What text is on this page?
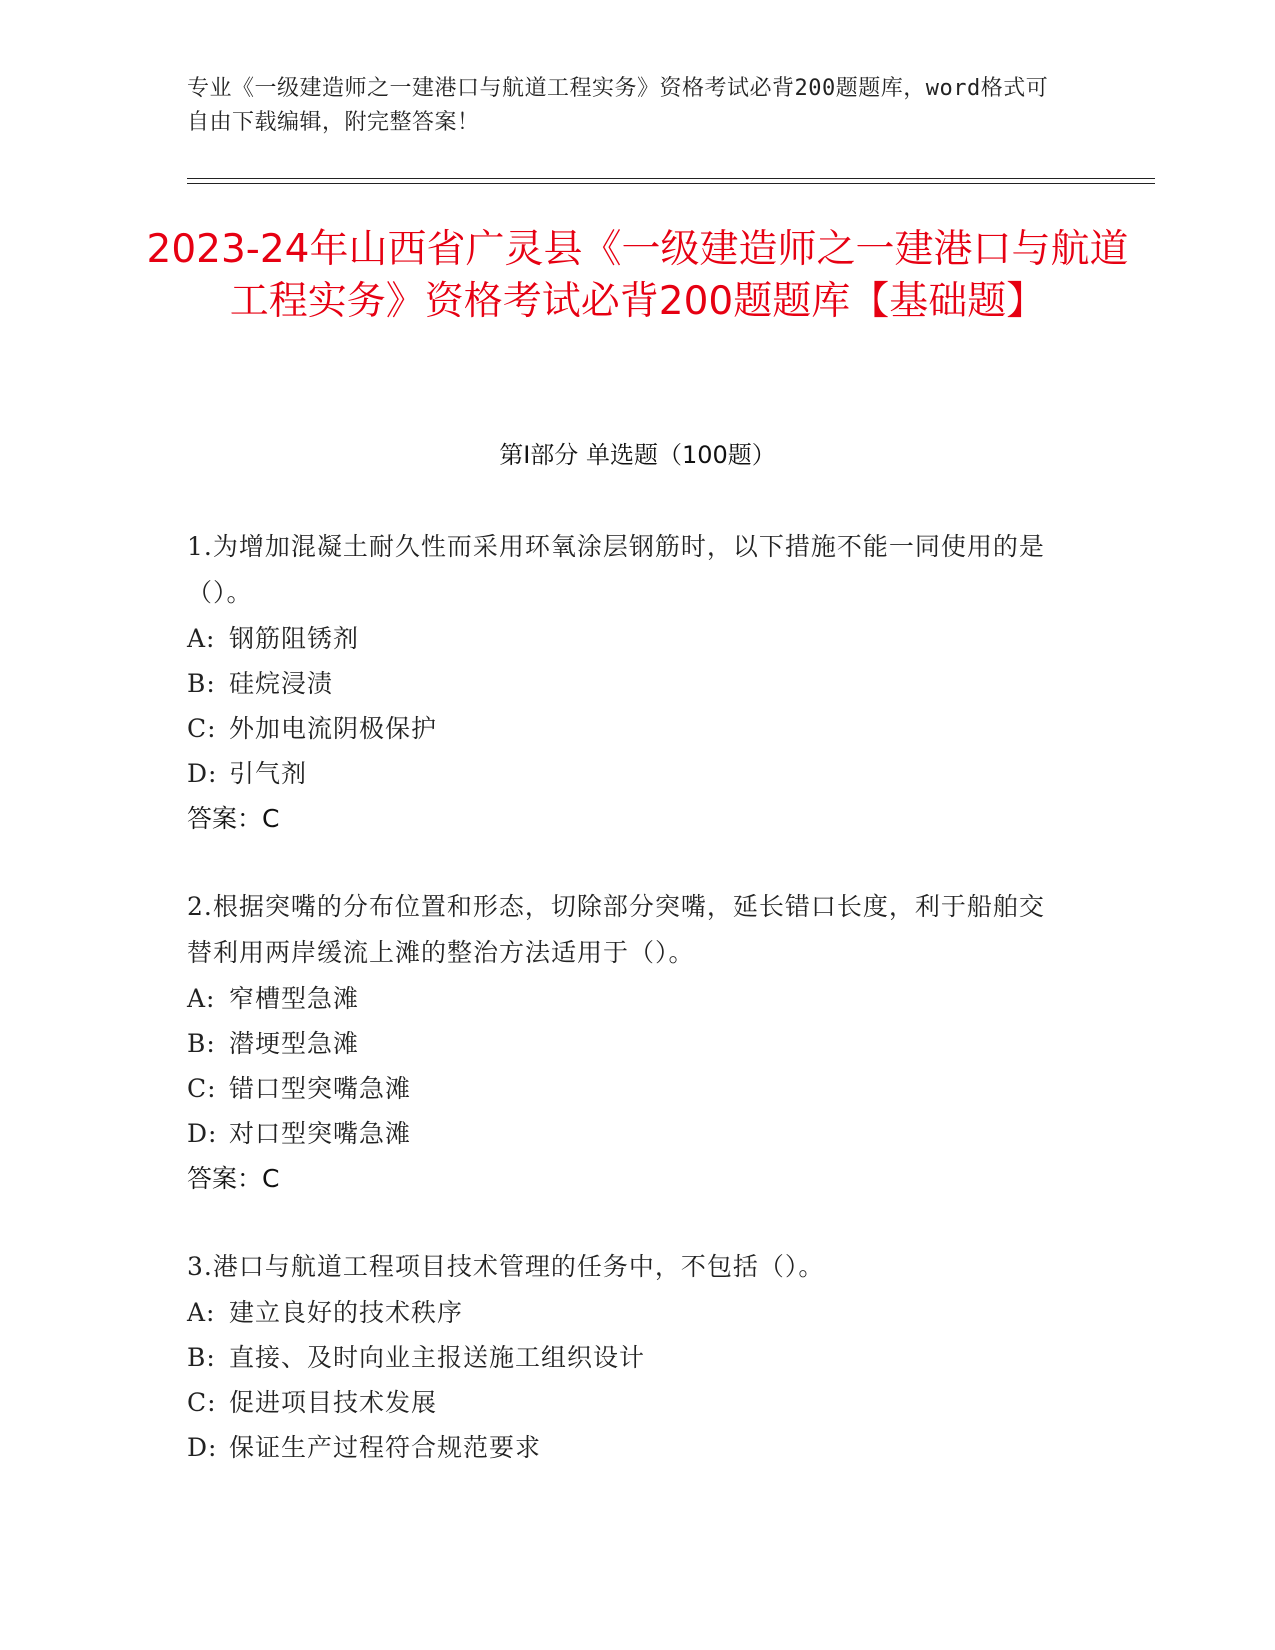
专业《一级建造师之一建港口与航道工程实务》资格考试必背200题题库，word格式可自由下载编辑，附完整答案！
2023-24年山西省广灵县《一级建造师之一建港口与航道工程实务》资格考试必背200题题库【基础题】
第Ⅰ部分 单选题（100题）
1.为增加混凝土耐久性而采用环氧涂层钢筋时，以下措施不能一同使用的是（）。
A: 钢筋阻锈剂
B: 硅烷浸渍
C: 外加电流阴极保护
D: 引气剂
答案：C
2.根据突嘴的分布位置和形态，切除部分突嘴，延长错口长度，利于船舶交替利用两岸缓流上滩的整治方法适用于（）。
A: 窄槽型急滩
B: 潜埂型急滩
C: 错口型突嘴急滩
D: 对口型突嘴急滩
答案：C
3.港口与航道工程项目技术管理的任务中，不包括（）。
A: 建立良好的技术秩序
B: 直接、及时向业主报送施工组织设计
C: 促进项目技术发展
D: 保证生产过程符合规范要求
